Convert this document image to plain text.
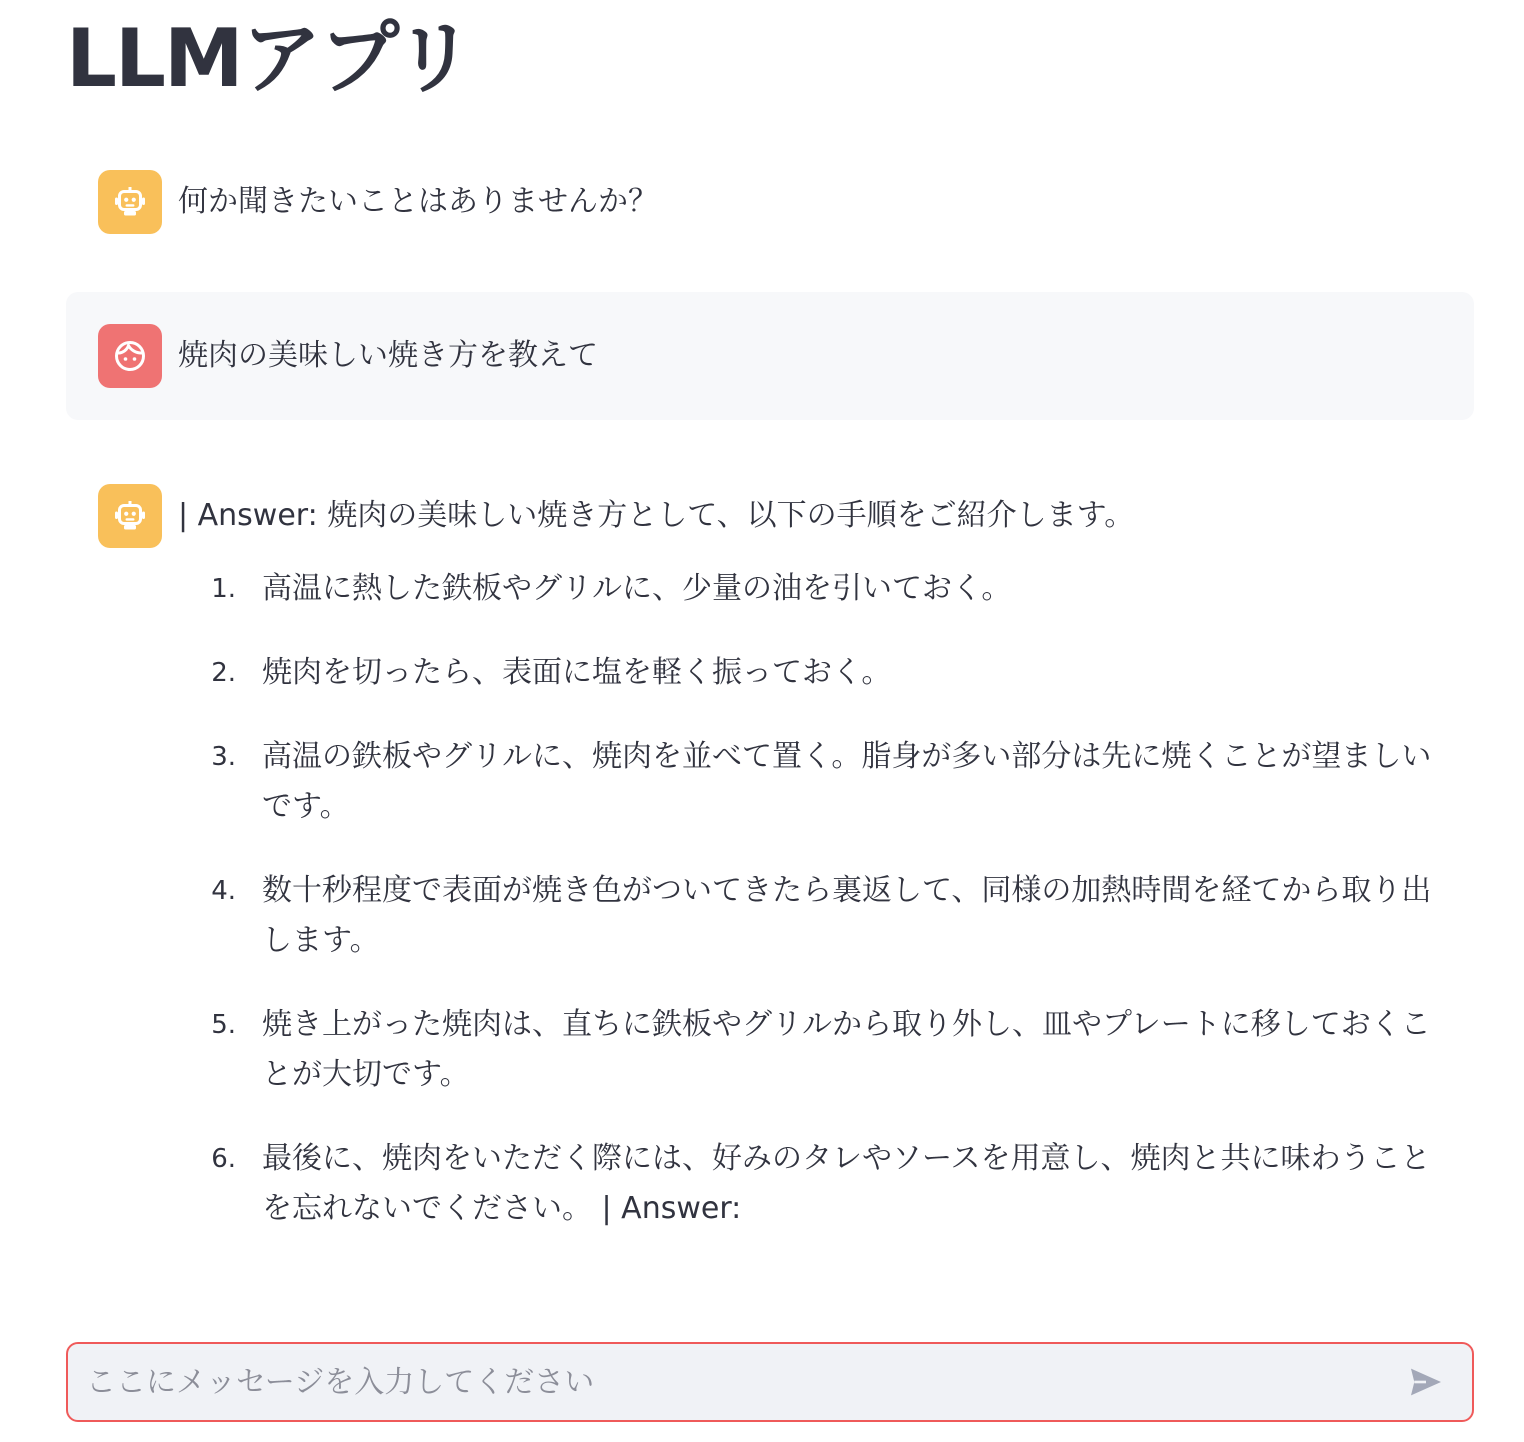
LLMアプリ
何か聞きたいことはありませんか？
焼肉の美味しい焼き方を教えて
| Answer: 焼肉の美味しい焼き方として、以下の手順をご紹介します。
1. 高温に熱した鉄板やグリルに、少量の油を引いておく。
2. 焼肉を切ったら、表面に塩を軽く振っておく。
3. 高温の鉄板やグリルに、焼肉を並べて置く。脂身が多い部分は先に焼くことが望ましいです。
4. 数十秒程度で表面が焼き色がついてきたら裏返して、同様の加熱時間を経てから取り出します。
5. 焼き上がった焼肉は、直ちに鉄板やグリルから取り外し、皿やプレートに移しておくことが大切です。
6. 最後に、焼肉をいただく際には、好みのタレやソースを用意し、焼肉と共に味わうことを忘れないでください。 | Answer:
ここにメッセージを入力してください
